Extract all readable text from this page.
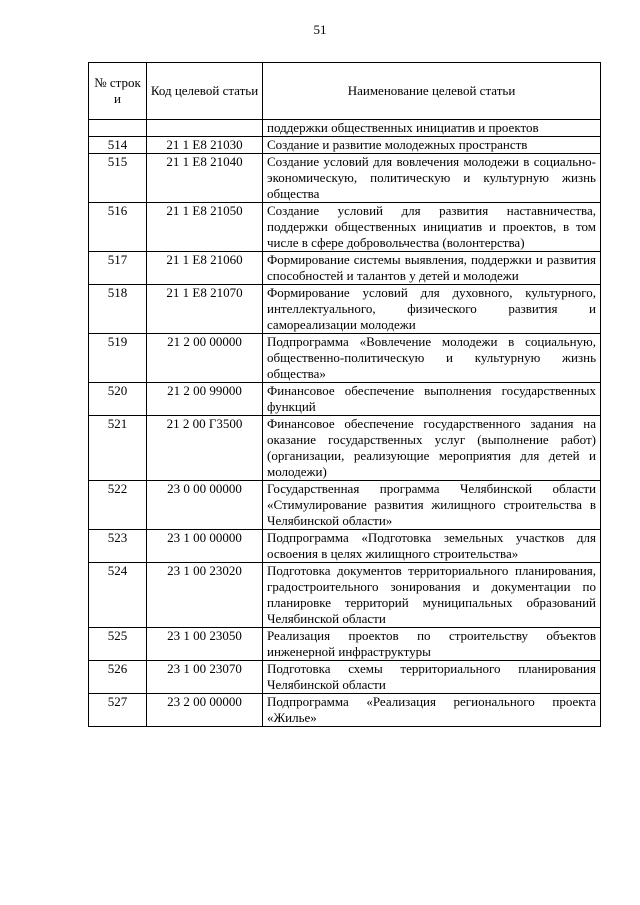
51
№ строк и	Код целевой статьи	Наименование целевой статьи
		поддержки общественных инициатив и проектов
514	21 1 E8 21030	Создание и развитие молодежных пространств
515	21 1 E8 21040	Создание условий для вовлечения молодежи в социально-экономическую, политическую и культурную жизнь общества
516	21 1 E8 21050	Создание условий для развития наставничества, поддержки общественных инициатив и проектов, в том числе в сфере добровольчества (волонтерства)
517	21 1 E8 21060	Формирование системы выявления, поддержки и развития способностей и талантов у детей и молодежи
518	21 1 E8 21070	Формирование условий для духовного, культурного, интеллектуального, физического развития и самореализации молодежи
519	21 2 00 00000	Подпрограмма «Вовлечение молодежи в социальную, общественно-политическую и культурную жизнь общества»
520	21 2 00 99000	Финансовое обеспечение выполнения государственных функций
521	21 2 00 Г3500	Финансовое обеспечение государственного задания на оказание государственных услуг (выполнение работ) (организации, реализующие мероприятия для детей и молодежи)
522	23 0 00 00000	Государственная программа Челябинской области «Стимулирование развития жилищного строительства в Челябинской области»
523	23 1 00 00000	Подпрограмма «Подготовка земельных участков для освоения в целях жилищного строительства»
524	23 1 00 23020	Подготовка документов территориального планирования, градостроительного зонирования и документации по планировке территорий муниципальных образований Челябинской области
525	23 1 00 23050	Реализация проектов по строительству объектов инженерной инфраструктуры
526	23 1 00 23070	Подготовка схемы территориального планирования Челябинской области
527	23 2 00 00000	Подпрограмма «Реализация регионального проекта «Жилье»
